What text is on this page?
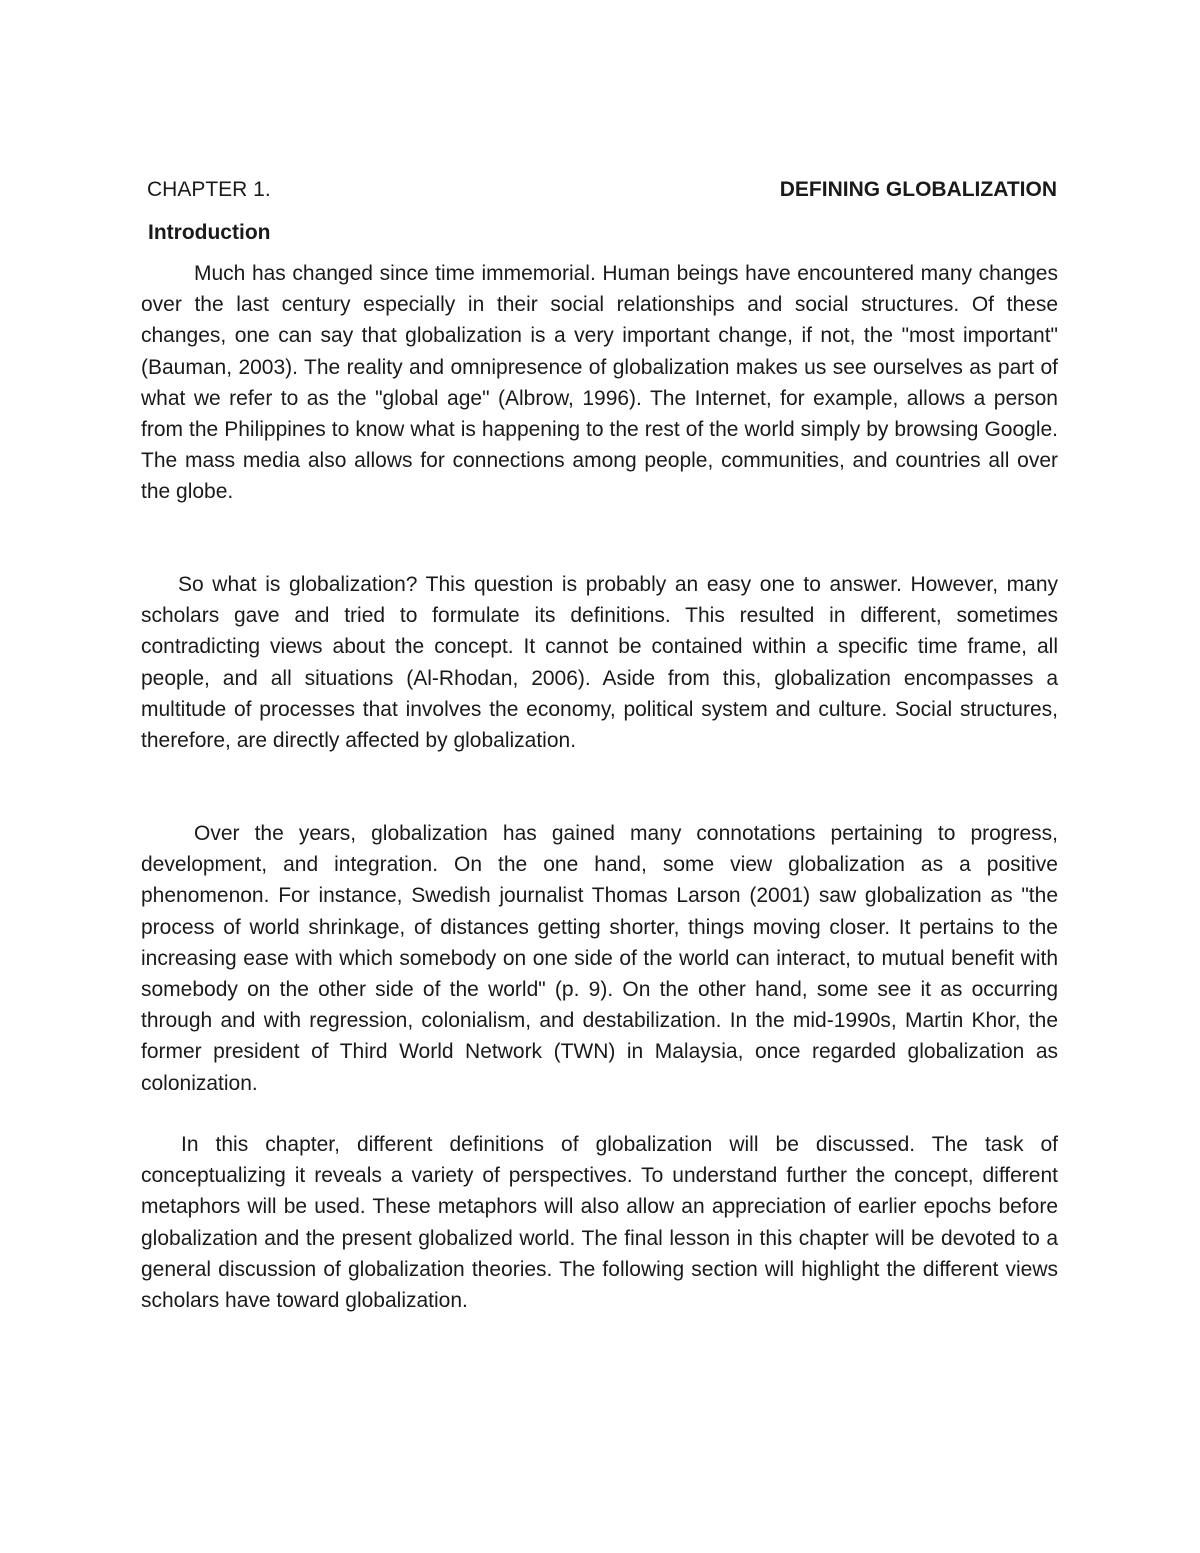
CHAPTER 1.	DEFINING GLOBALIZATION
Introduction

Much has changed since time immemorial. Human beings have encountered many changes over the last century especially in their social relationships and social structures. Of these changes, one can say that globalization is a very important change, if not, the "most important" (Bauman, 2003). The reality and omnipresence of globalization makes us see ourselves as part of what we refer to as the "global age" (Albrow, 1996). The Internet, for example, allows a person from the Philippines to know what is happening to the rest of the world simply by browsing Google. The mass media also allows for connections among people, communities, and countries all over the globe.

So what is globalization? This question is probably an easy one to answer. However, many scholars gave and tried to formulate its definitions. This resulted in different, sometimes contradicting views about the concept. It cannot be contained within a specific time frame, all people, and all situations (Al-Rhodan, 2006). Aside from this, globalization encompasses a multitude of processes that involves the economy, political system and culture. Social structures, therefore, are directly affected by globalization.

Over the years, globalization has gained many connotations pertaining to progress, development, and integration. On the one hand, some view globalization as a positive phenomenon. For instance, Swedish journalist Thomas Larson (2001) saw globalization as "the process of world shrinkage, of distances getting shorter, things moving closer. It pertains to the increasing ease with which somebody on one side of the world can interact, to mutual benefit with somebody on the other side of the world" (p. 9). On the other hand, some see it as occurring through and with regression, colonialism, and destabilization. In the mid-1990s, Martin Khor, the former president of Third World Network (TWN) in Malaysia, once regarded globalization as colonization.

In this chapter, different definitions of globalization will be discussed. The task of conceptualizing it reveals a variety of perspectives. To understand further the concept, different metaphors will be used. These metaphors will also allow an appreciation of earlier epochs before globalization and the present globalized world. The final lesson in this chapter will be devoted to a general discussion of globalization theories. The following section will highlight the different views scholars have toward globalization.
